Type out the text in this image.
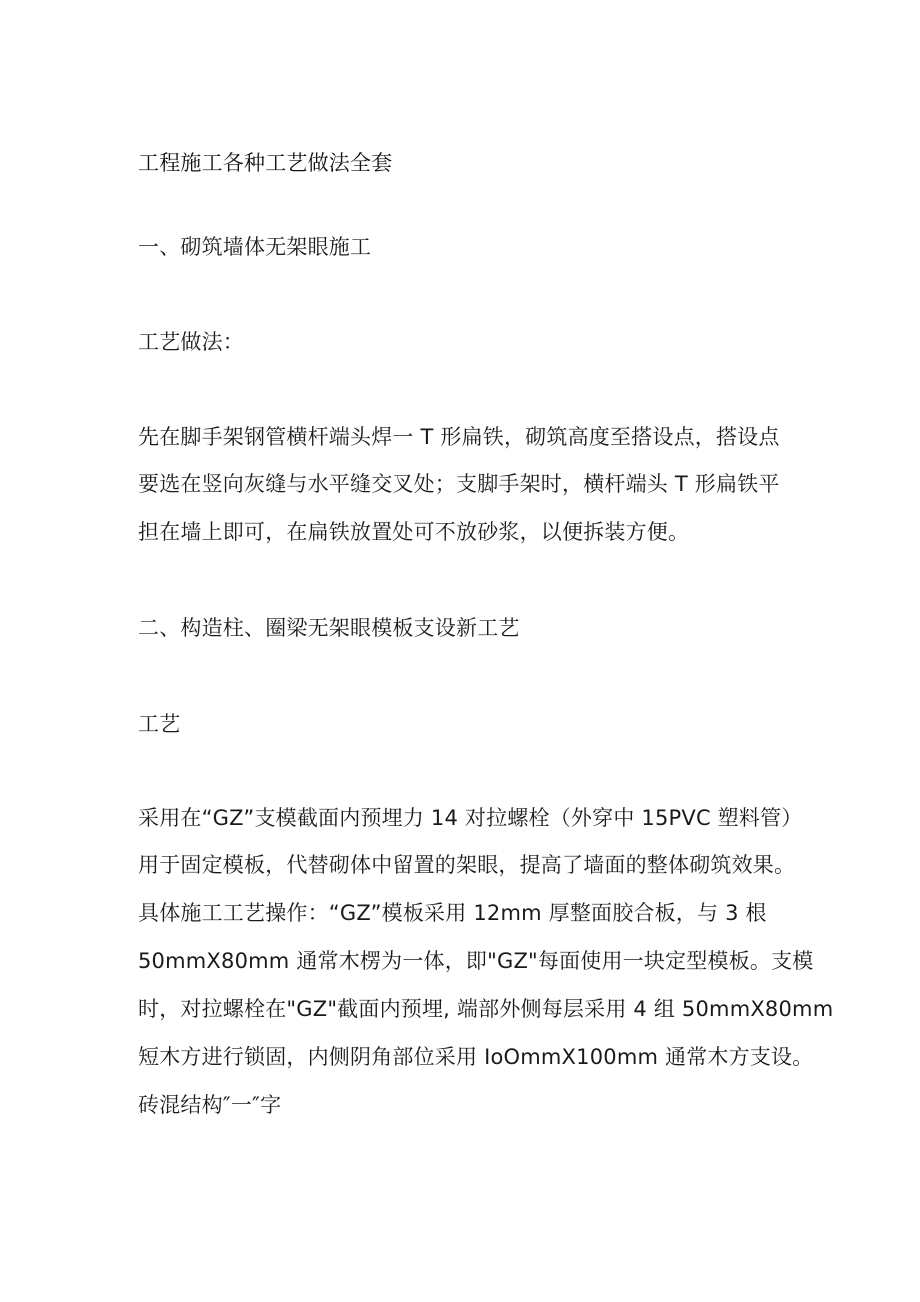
工程施工各种工艺做法全套
一、砌筑墙体无架眼施工
工艺做法：
先在脚手架钢管横杆端头焊一 T 形扁铁，砌筑高度至搭设点，搭设点
要选在竖向灰缝与水平缝交叉处；支脚手架时，横杆端头 T 形扁铁平
担在墙上即可，在扁铁放置处可不放砂浆，以便拆装方便。
二、构造柱、圈梁无架眼模板支设新工艺
工艺
采用在“GZ”支模截面内预埋力 14 对拉螺栓（外穿中 15PVC 塑料管）
用于固定模板，代替砌体中留置的架眼，提高了墙面的整体砌筑效果。
具体施工工艺操作：“GZ”模板采用 12mm 厚整面胶合板，与 3 根
50mmX80mm 通常木楞为一体，即"GZ"每面使用一块定型模板。支模
时，对拉螺栓在"GZ"截面内预埋, 端部外侧每层采用 4 组 50mmX80mm
短木方进行锁固，内侧阴角部位采用 IoOmmX100mm 通常木方支设。
砖混结构″一″字
